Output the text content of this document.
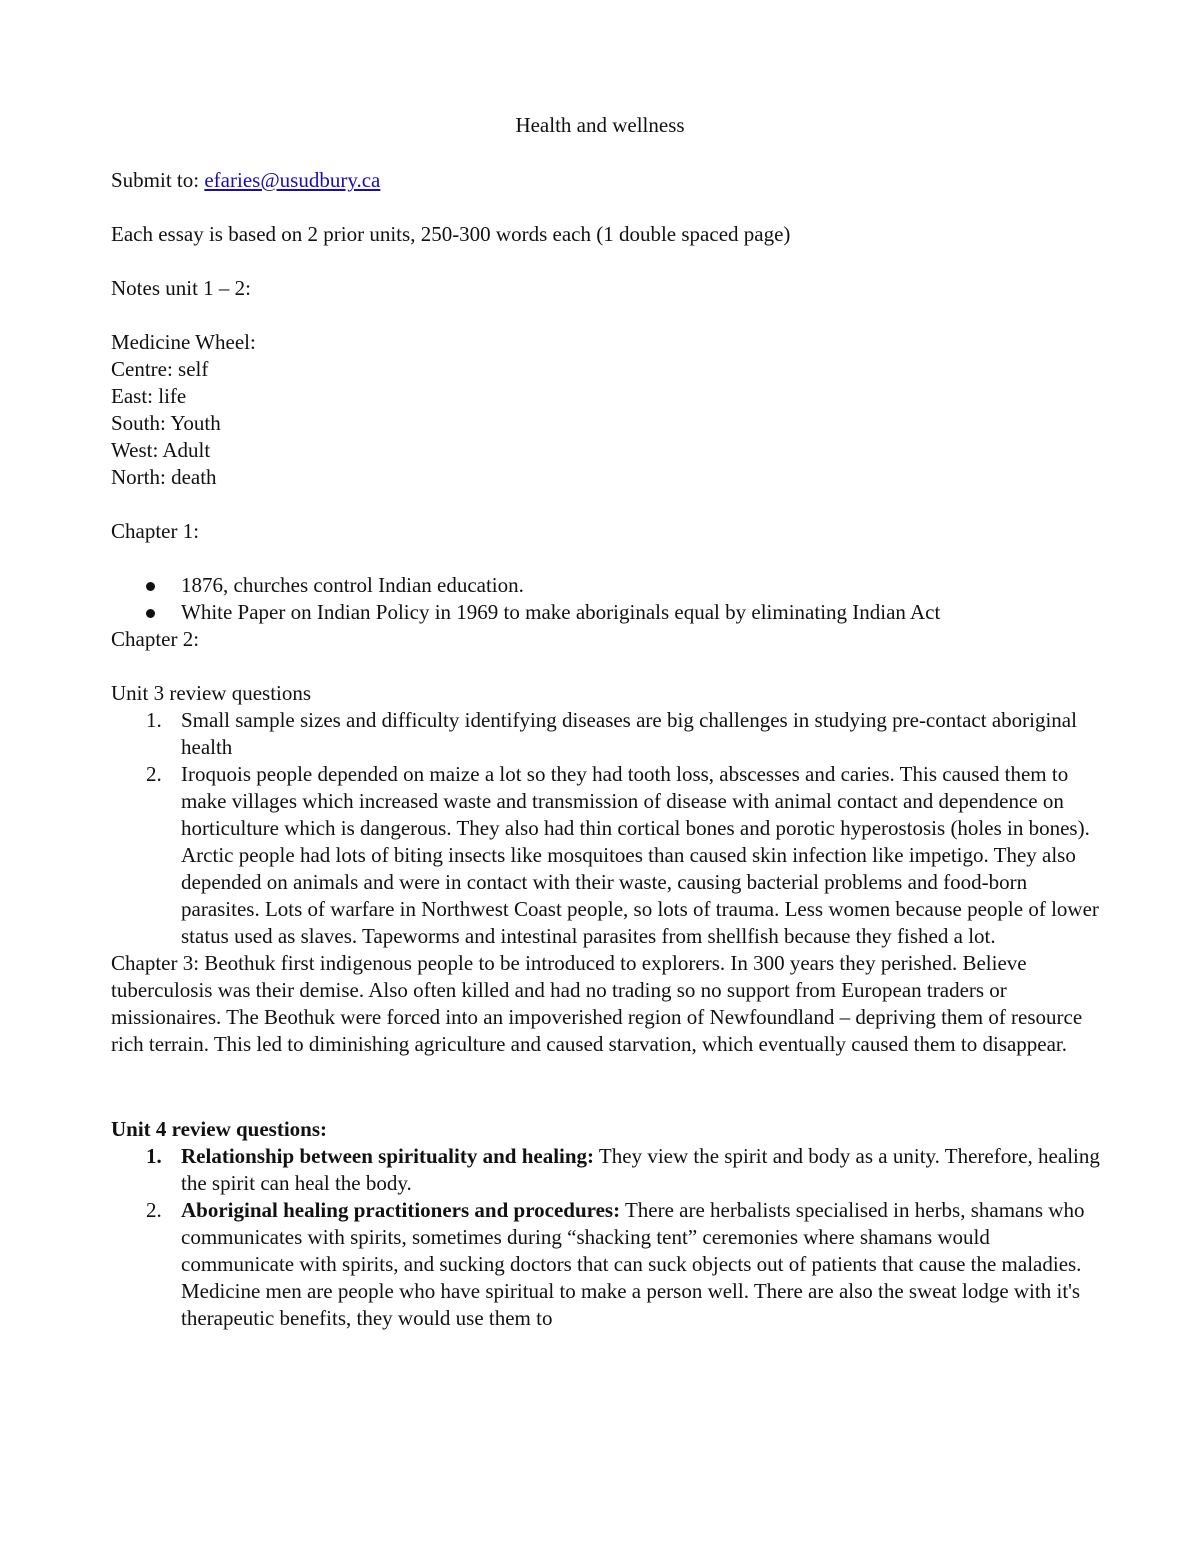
Health and wellness

Submit to: efaries@usudbury.ca

Each essay is based on 2 prior units, 250-300 words each (1 double spaced page)

Notes unit 1 – 2:

Medicine Wheel:

Centre: self

East: life

South: Youth

West: Adult

North: death

Chapter 1:

1876, churches control Indian education.
White Paper on Indian Policy in 1969 to make aboriginals equal by eliminating Indian Act

Chapter 2:

Unit 3 review questions

1. Small sample sizes and difficulty identifying diseases are big challenges in studying pre-contact aboriginal health
2. Iroquois people depended on maize a lot so they had tooth loss, abscesses and caries. This caused them to make villages which increased waste and transmission of disease with animal contact and dependence on horticulture which is dangerous. They also had thin cortical bones and porotic hyperostosis (holes in bones). Arctic people had lots of biting insects like mosquitoes than caused skin infection like impetigo. They also depended on animals and were in contact with their waste, causing bacterial problems and food-born parasites. Lots of warfare in Northwest Coast people, so lots of trauma. Less women because people of lower status used as slaves. Tapeworms and intestinal parasites from shellfish because they fished a lot.

Chapter 3: Beothuk first indigenous people to be introduced to explorers. In 300 years they perished. Believe tuberculosis was their demise. Also often killed and had no trading so no support from European traders or missionaires. The Beothuk were forced into an impoverished region of Newfoundland – depriving them of resource rich terrain. This led to diminishing agriculture and caused starvation, which eventually caused them to disappear.

Unit 4 review questions:

1. Relationship between spirituality and healing: They view the spirit and body as a unity. Therefore, healing the spirit can heal the body.
2. Aboriginal healing practitioners and procedures: There are herbalists specialised in herbs, shamans who communicates with spirits, sometimes during “shacking tent” ceremonies where shamans would communicate with spirits, and sucking doctors that can suck objects out of patients that cause the maladies. Medicine men are people who have spiritual to make a person well. There are also the sweat lodge with it's therapeutic benefits, they would use them to
